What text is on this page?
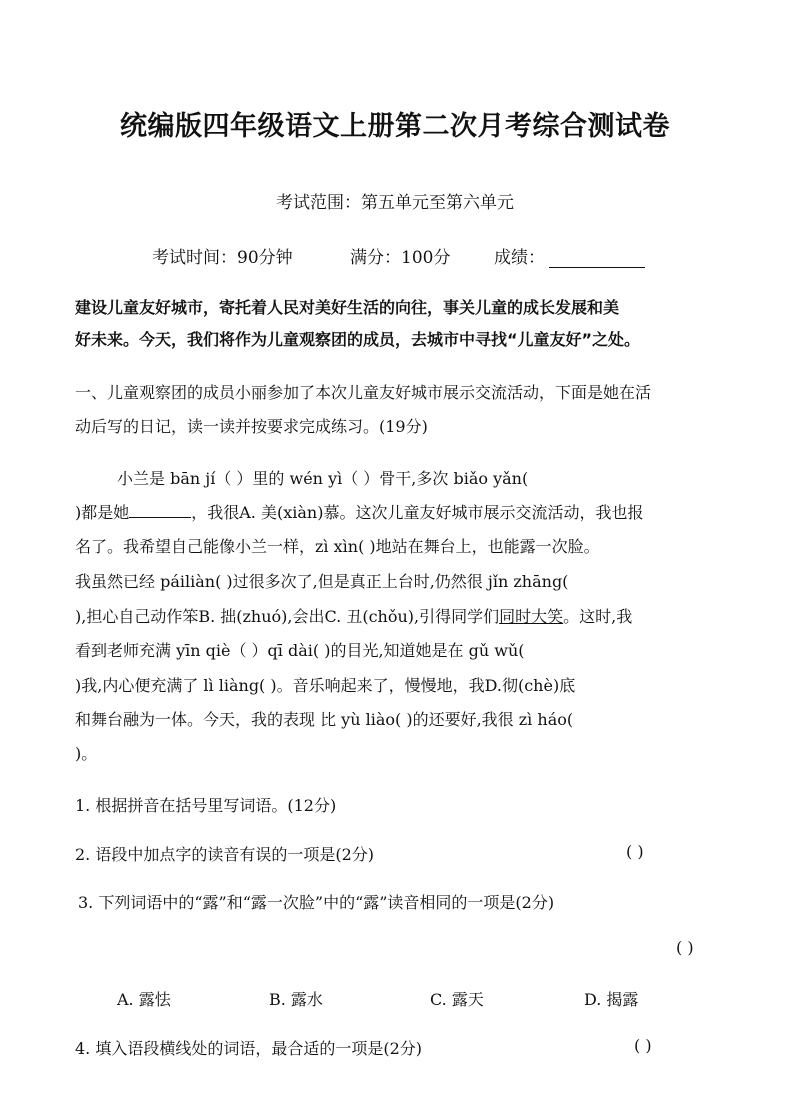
统编版四年级语文上册第二次月考综合测试卷
考试范围：第五单元至第六单元
考试时间：90分钟	满分：100分	成绩：
建设儿童友好城市，寄托着人民对美好生活的向往，事关儿童的成长发展和美
好未来。今天，我们将作为儿童观察团的成员，去城市中寻找“儿童友好”之处。
一、儿童观察团的成员小丽参加了本次儿童友好城市展示交流活动，下面是她在活
动后写的日记，读一读并按要求完成练习。(19分)
小兰是 bān jí（ ）里的 wén yì（ ）骨干,多次 biǎo yǎn(
)都是她	，我很A. 美(xiàn)慕。这次儿童友好城市展示交流活动，我也报
名了。我希望自己能像小兰一样，zì xìn( )地站在舞台上，也能露一次脸。
我虽然已经 páiliàn( )过很多次了,但是真正上台时,仍然很 jǐn zhāng(
),担心自己动作笨B. 拙(zhuó),会出C. 丑(chǒu),引得同学们同时大笑。这时,我
看到老师充满 yīn qiè（ ）qī dài( )的目光,知道她是在 gǔ wǔ(
)我,内心便充满了 lì liàng( )。音乐响起来了，慢慢地，我D.彻(chè)底
和舞台融为一体。今天，我的表现 比 yù liào( )的还要好,我很 zì háo(
)。
1. 根据拼音在括号里写词语。(12分)
2. 语段中加点字的读音有误的一项是(2分)	( )
3. 下列词语中的“露”和“露一次脸”中的“露”读音相同的一项是(2分)
( )
A. 露怯	B. 露水	C. 露天	D. 揭露
4. 填入语段横线处的词语，最合适的一项是(2分)	( )
